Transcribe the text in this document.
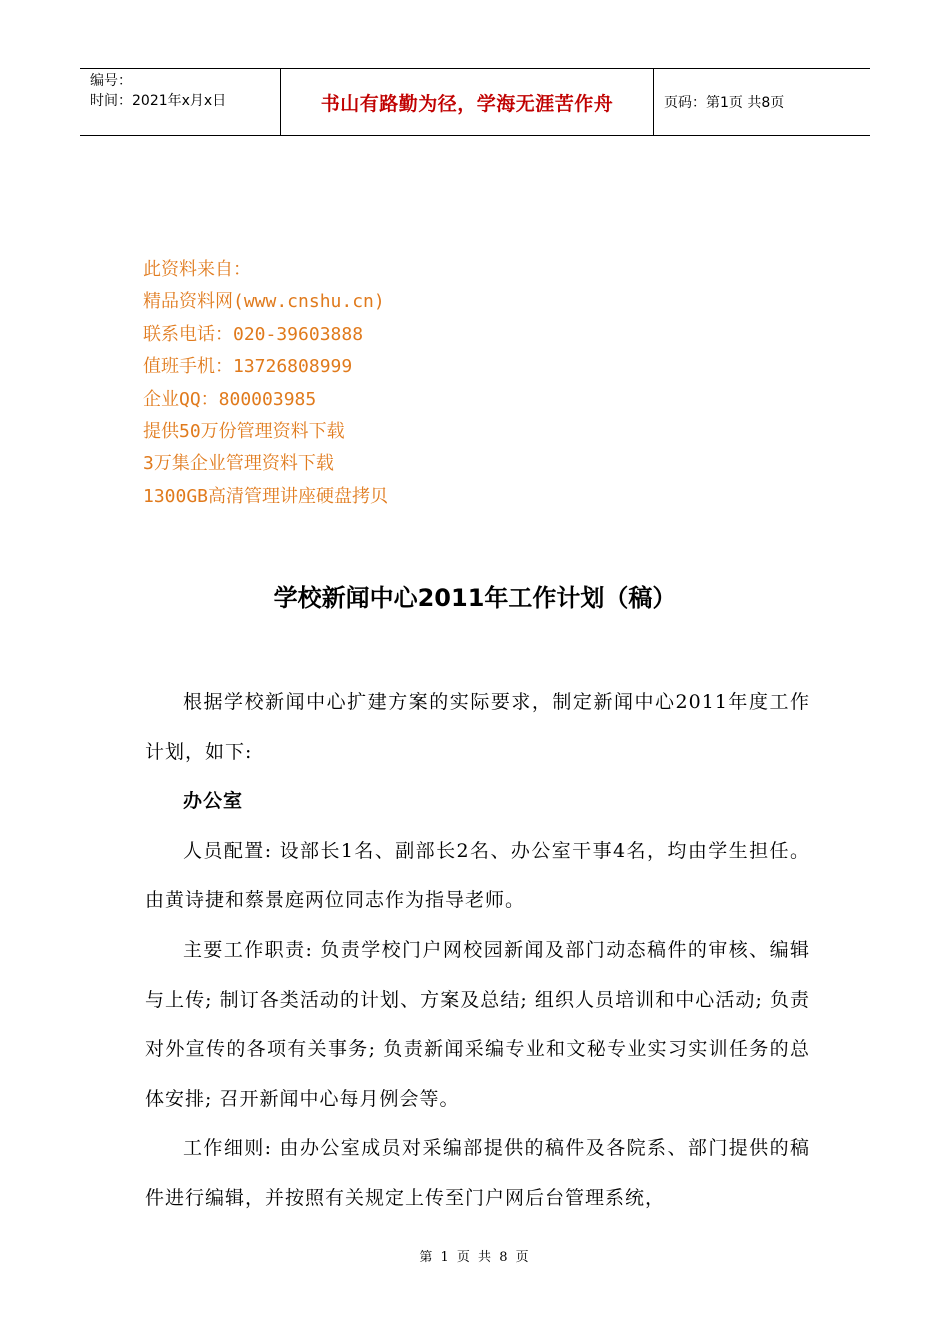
编号：
时间：2021年x月x日	书山有路勤为径，学海无涯苦作舟	页码：第1页 共8页
此资料来自：
精品资料网(www.cnshu.cn)
联系电话：020-39603888
值班手机：13726808999
企业QQ：800003985
提供50万份管理资料下载
3万集企业管理资料下载
1300GB高清管理讲座硬盘拷贝
学校新闻中心2011年工作计划（稿）

根据学校新闻中心扩建方案的实际要求，制定新闻中心2011年度工作计划，如下:

办公室

人员配置: 设部长1名、副部长2名、办公室干事4名，均由学生担任。由黄诗捷和蔡景庭两位同志作为指导老师。

主要工作职责: 负责学校门户网校园新闻及部门动态稿件的审核、编辑与上传; 制订各类活动的计划、方案及总结; 组织人员培训和中心活动; 负责对外宣传的各项有关事务; 负责新闻采编专业和文秘专业实习实训任务的总体安排; 召开新闻中心每月例会等。

工作细则: 由办公室成员对采编部提供的稿件及各院系、部门提供的稿件进行编辑，并按照有关规定上传至门户网后台管理系统，

第 1 页 共 8 页
